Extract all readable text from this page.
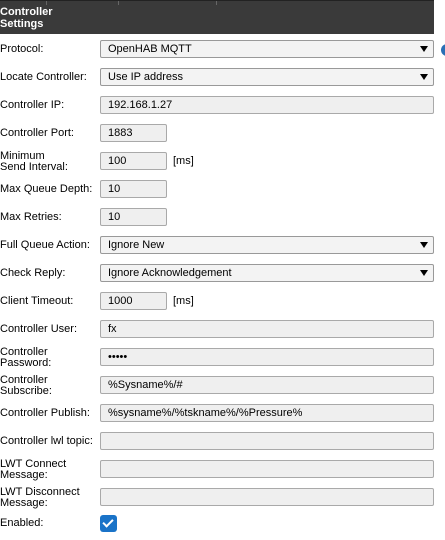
Controller Settings
Protocol:	OpenHAB MQTT
Locate Controller:	Use IP address
Controller IP:	192.168.1.27
Controller Port:	1883
Minimum Send Interval:	100	[ms]
Max Queue Depth:	10
Max Retries:	10
Full Queue Action:	Ignore New
Check Reply:	Ignore Acknowledgement
Client Timeout:	1000	[ms]
Controller User:	fx
Controller Password:	•••••
Controller Subscribe:	%Sysname%/#
Controller Publish:	%sysname%/%tskname%/%Pressure%
Controller lwl topic:
LWT Connect Message:
LWT Disconnect Message:
Enabled:
